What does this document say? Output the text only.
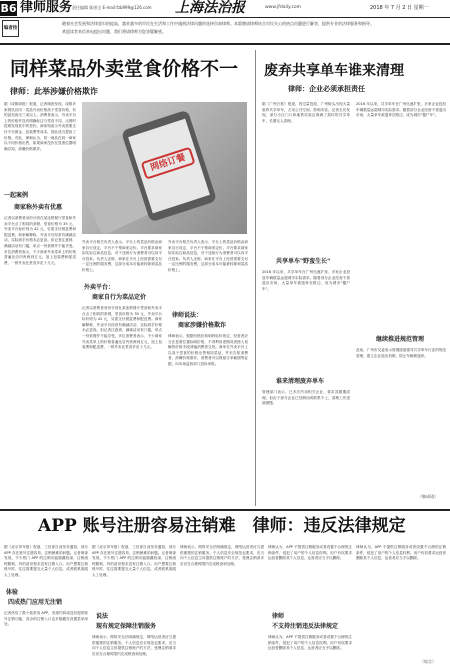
B6 律师服务 责任编辑 陈创全 E-mail:fzb999@126.com 上海法治报	www.jfdaily.com	2018 年 7 月 2 日 星期一
编者按
随着社会发展和法律意识的提高，越来越多的市民在生活和工作中遇到法律问题时选择咨询律师。本版邀请律师结合市民关心的热点问题进行解答，提供专业的法律服务和指导。
欢迎读者来信来电提出问题，我们将请律师为您答疑解惑。
同样菜品外卖堂食价格不一
律师：此举涉嫌价格欺诈
据《成都商报》报道，记者调查发现，成都多家餐饮店同一菜品外卖价格高于堂食价格，有的甚至高出三成以上。消费者表示，外卖平台上的价格并没有明确标注与堂食不同，点餐时很难发现其中的差价。商家则表示外卖需要支付平台佣金、包装费等成本，因此适当提高了价格。对此，律师认为，同一商品在同一商家以不同价格出售，如果商家没有在显著位置明确告知，涉嫌价格欺诈。
一起案例
商家称外卖有优惠
记者以消费者身份分别在某连锁餐厅堂食和外卖平台点了相同的套餐，堂食价格为 35 元，外卖平台标价则为 42 元，另需支付餐盒费和配送费。商家解释称，外卖平台经常有满减活动，实际到手价格未必更高。但记者注意到，满减活动有门槛，单点一份套餐并不能享受。多位消费者表示，不少商家外卖菜单上的价格普遍比店内贵两到五元，加上包装费和配送费，一顿外卖比堂食多花十几元。
网络订餐
外卖平台相关负责人表示，平台上的菜品价格由商家自行设定，平台不干预商家定价。平台要求商家如实标注商品信息，对于违规行为消费者可以向平台投诉。负责人还称，商家在平台上经营需要支付一定比例的服务费，这部分成本可能被转嫁到菜品价格上。
外卖平台：
商家自行为菜品定价
记者以消费者身份分别在某连锁餐厅堂食和外卖平台点了相同的套餐，堂食价格为 35 元，外卖平台标价则为 42 元，另需支付餐盒费和配送费。商家解释称，外卖平台经常有满减活动，实际到手价格未必更高。但记者注意到，满减活动有门槛，单点一份套餐并不能享受。多位消费者表示，不少商家外卖菜单上的价格普遍比店内贵两到五元，加上包装费和配送费，一顿外卖比堂食多花十几元。
外卖平台相关负责人表示，平台上的菜品价格由商家自行设定，平台不干预商家定价。平台要求商家如实标注商品信息，对于违规行为消费者可以向平台投诉。负责人还称，商家在平台上经营需要支付一定比例的服务费，这部分成本可能被转嫁到菜品价格上。
律师说法：
商家涉嫌价格欺诈
律师表示，根据价格法和明码标价规定，经营者应当在显著位置标明价格，不得利用虚假或者使人误解的价格手段诱骗消费者交易。商家在外卖平台上以高于堂食的价格出售相同菜品，并未告知消费者，涉嫌价格欺诈。消费者可以保留订单截图等证据，向市场监管部门投诉举报。
废弃共享单车谁来清理
律师：企业必须承担责任
据《广州日报》报道，因过量投放，广州街头出现大量废弃共享单车，占用公共空间，影响市容。记者走访发现，部分小区门口和地铁站周边堆满了损坏的共享单车，长期无人清理。
共享单车"野蛮生长"
2016 年以来，共享单车在广州迅速扩张，多家企业投放车辆数量远超城市实际需求。随着部分企业经营不善退出市场，大量单车被遗弃在路边，成为城市"僵尸车"。
谁来清理废弃单车
管理部门表示，已多次约谈相关企业，要求其限期清理。但由于部分企业已经倒闭或联系不上，清理工作进展缓慢。
2016 年以来，共享单车在广州迅速扩张，多家企业投放车辆数量远超城市实际需求。随着部分企业经营不善退出市场，大量单车被遗弃在路边，成为城市"僵尸车"。
继续推进规范管理
此前，广州市交委表示将继续加强对共享单车行业的规范管理，建立企业退出机制，防止车辆被遗弃。
（韩成琦）
APP 账号注册容易注销难　律师：违反法律规定
据《北京青年报》报道，工信部日前发布通知，部分 APP 存在账号注册容易、注销困难的问题。记者调查发现，不少热门 APP 的注销功能隐藏较深，注销流程繁琐，有的甚至根本没有注销入口。用户想要注销账号时，往往需要提交大量个人信息，或者联系客服人工处理。
体验
四成热门应用无注销
记者体验了数十款常用 APP，发现约四成没有提供账号注销功能，其余的注销入口也多隐藏在设置菜单深处。
据《北京青年报》报道，工信部日前发布通知，部分 APP 存在账号注册容易、注销困难的问题。记者调查发现，不少热门 APP 的注销功能隐藏较深，注销流程繁琐，有的甚至根本没有注销入口。用户想要注销账号时，往往需要提交大量个人信息，或者联系客服人工处理。
说法
现有规定保障注销服务
律师表示，网络安全法明确规定，网络运营者应当提供便捷的注销服务。个人信息安全规范也要求，应当向个人信息主体提供注销账户的方法，受理注销请求后应在合理时限内完成核查和处理。
律师表示，网络安全法明确规定，网络运营者应当提供便捷的注销服务。个人信息安全规范也要求，应当向个人信息主体提供注销账户的方法，受理注销请求后应在合理时限内完成核查和处理。
律师认为，APP 不提供注销服务或者设置不合理的注销条件，侵犯了用户的个人信息权利。用户有权要求运营者删除其个人信息，运营者应当予以删除。
律师
不支持注销违反法律规定
律师认为，APP 不提供注销服务或者设置不合理的注销条件，侵犯了用户的个人信息权利。用户有权要求运营者删除其个人信息，运营者应当予以删除。
律师认为，APP 不提供注销服务或者设置不合理的注销条件，侵犯了用户的个人信息权利。用户有权要求运营者删除其个人信息，运营者应当予以删除。
（综合）
